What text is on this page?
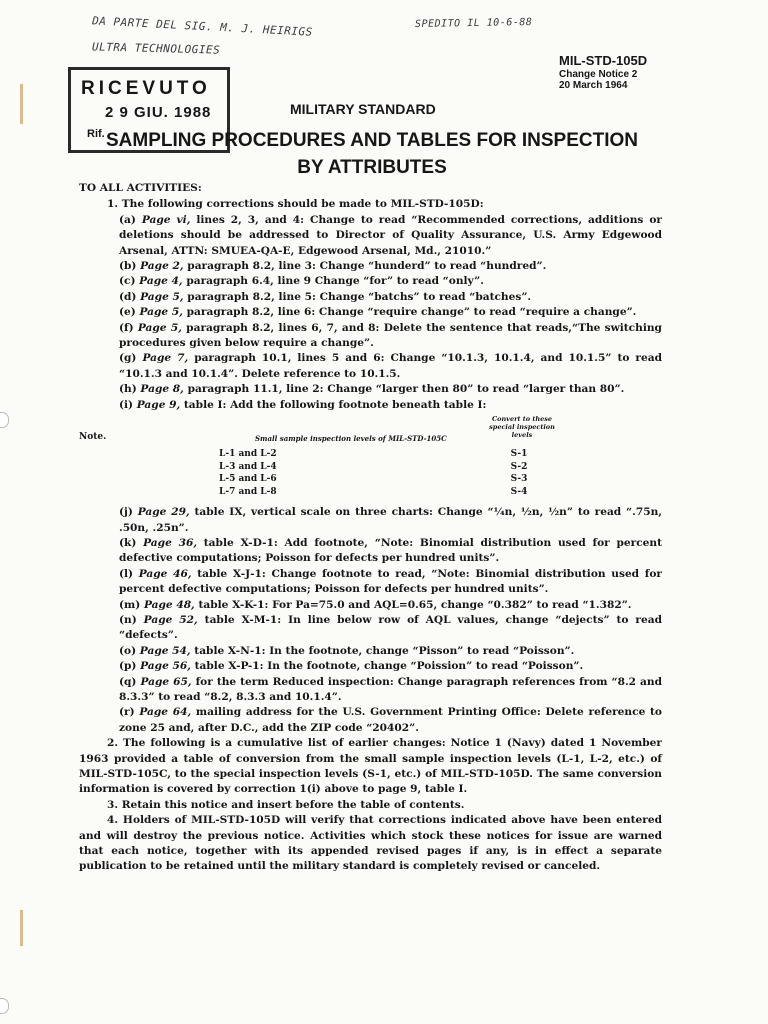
DA PARTE DEL SIG. M. J. HEIRIGS
ULTRA TECHNOLOGIES
SPEDITO IL 10-6-88
RICEVUTO
2 9 GIU. 1988
Rif.
MIL-STD-105D
Change Notice 2
20 March 1964
MILITARY STANDARD
SAMPLING PROCEDURES AND TABLES FOR INSPECTION
BY ATTRIBUTES

TO ALL ACTIVITIES:

1. The following corrections should be made to MIL-STD-105D:

(a) Page vi, lines 2, 3, and 4: Change to read “Recommended corrections, additions or deletions should be addressed to Director of Quality Assurance, U.S. Army Edgewood Arsenal, ATTN: SMUEA-QA-E, Edgewood Arsenal, Md., 21010.”

(b) Page 2, paragraph 8.2, line 3: Change “hunderd” to read “hundred”.

(c) Page 4, paragraph 6.4, line 9 Change “for” to read “only”.

(d) Page 5, paragraph 8.2, line 5: Change “batchs” to read “batches”.

(e) Page 5, paragraph 8.2, line 6: Change “require change” to read “require a change”.

(f) Page 5, paragraph 8.2, lines 6, 7, and 8: Delete the sentence that reads,“The switching procedures given below require a change”.

(g) Page 7, paragraph 10.1, lines 5 and 6: Change “10.1.3, 10.1.4, and 10.1.5” to read “10.1.3 and 10.1.4”. Delete reference to 10.1.5.

(h) Page 8, paragraph 11.1, line 2: Change “larger then 80” to read “larger than 80”.

(i) Page 9, table I: Add the following footnote beneath table I:

Note.	Small sample inspection levels of MIL-STD-105C
Convert to these special inspection levels
L-1 and L-2	S-1
L-3 and L-4	S-2
L-5 and L-6	S-3
L-7 and L-8	S-4

(j) Page 29, table IX, vertical scale on three charts: Change “¼n, ½n, ½n” to read “.75n, .50n, .25n”.

(k) Page 36, table X-D-1: Add footnote, “Note: Binomial distribution used for percent defective computations; Poisson for defects per hundred units”.

(l) Page 46, table X-J-1: Change footnote to read, “Note: Binomial distribution used for percent defective computations; Poisson for defects per hundred units”.

(m) Page 48, table X-K-1: For Pa=75.0 and AQL=0.65, change “0.382” to read “1.382”.

(n) Page 52, table X-M-1: In line below row of AQL values, change “dejects” to read “defects”.

(o) Page 54, table X-N-1: In the footnote, change “Pisson” to read “Poisson”.

(p) Page 56, table X-P-1: In the footnote, change “Poission” to read “Poisson”.

(q) Page 65, for the term Reduced inspection: Change paragraph references from “8.2 and 8.3.3” to read “8.2, 8.3.3 and 10.1.4”.

(r) Page 64, mailing address for the U.S. Government Printing Office: Delete reference to zone 25 and, after D.C., add the ZIP code “20402”.

2. The following is a cumulative list of earlier changes: Notice 1 (Navy) dated 1 November 1963 provided a table of conversion from the small sample inspection levels (L-1, L-2, etc.) of MIL-STD-105C, to the special inspection levels (S-1, etc.) of MIL-STD-105D. The same conversion information is covered by correction 1(i) above to page 9, table I.

3. Retain this notice and insert before the table of contents.

4. Holders of MIL-STD-105D will verify that corrections indicated above have been entered and will destroy the previous notice. Activities which stock these notices for issue are warned that each notice, together with its appended revised pages if any, is in effect a separate publication to be retained until the military standard is completely revised or canceled.
